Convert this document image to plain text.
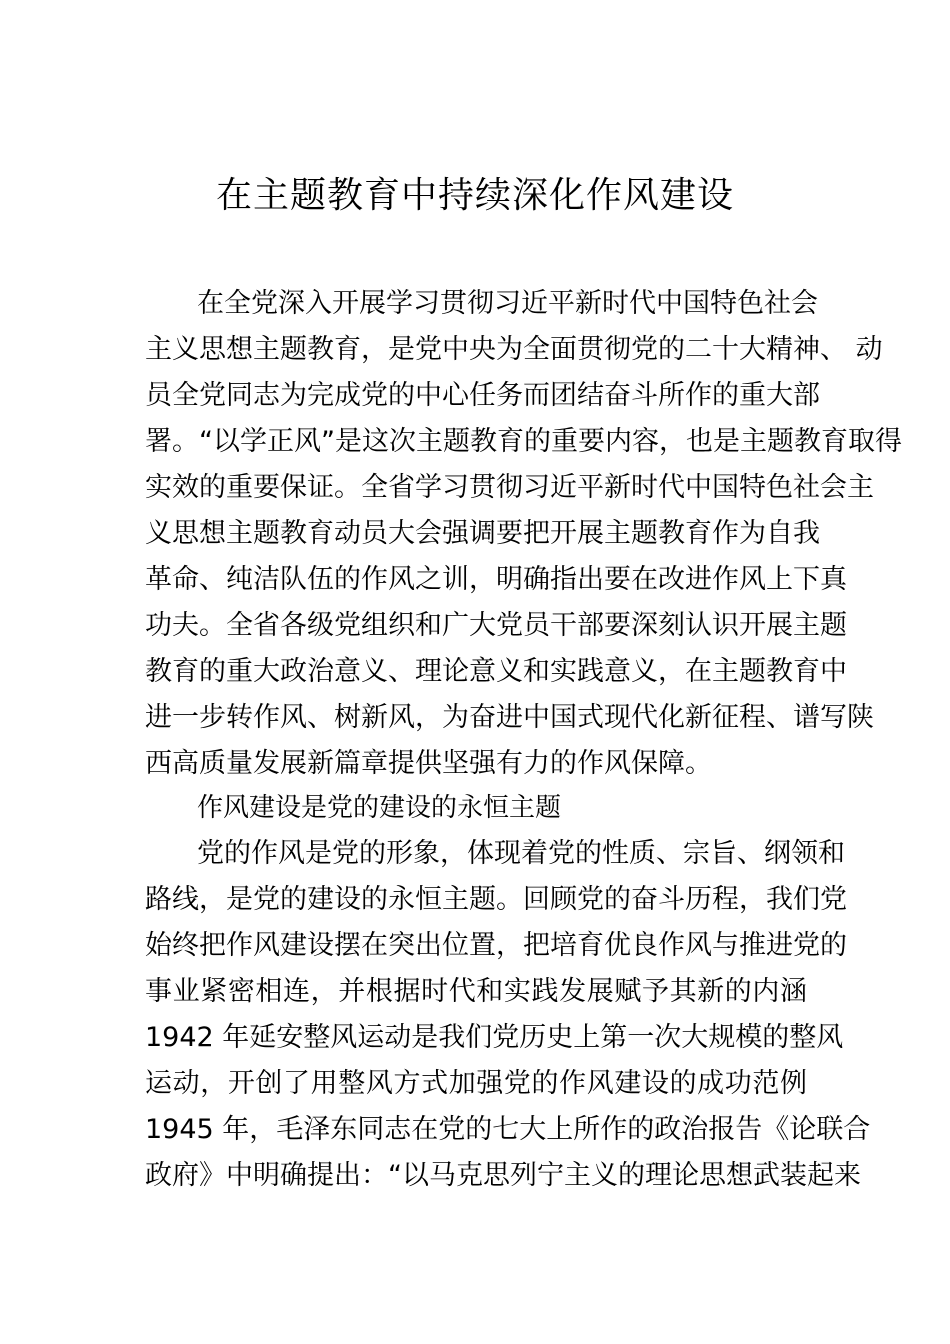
在主题教育中持续深化作风建设
在全党深入开展学习贯彻习近平新时代中国特色社会
主义思想主题教育，是党中央为全面贯彻党的二十大精神、 动
员全党同志为完成党的中心任务而团结奋斗所作的重大部
署。“以学正风”是这次主题教育的重要内容，也是主题教育取得
实效的重要保证。全省学习贯彻习近平新时代中国特色社会主
义思想主题教育动员大会强调要把开展主题教育作为自我
革命、纯洁队伍的作风之训，明确指出要在改进作风上下真
功夫。全省各级党组织和广大党员干部要深刻认识开展主题
教育的重大政治意义、理论意义和实践意义，在主题教育中
进一步转作风、树新风，为奋进中国式现代化新征程、谱写陕
西高质量发展新篇章提供坚强有力的作风保障。
作风建设是党的建设的永恒主题
党的作风是党的形象，体现着党的性质、宗旨、纲领和
路线，是党的建设的永恒主题。回顾党的奋斗历程，我们党
始终把作风建设摆在突出位置，把培育优良作风与推进党的
事业紧密相连，并根据时代和实践发展赋予其新的内涵
1942 年延安整风运动是我们党历史上第一次大规模的整风
运动，开创了用整风方式加强党的作风建设的成功范例
1945 年，毛泽东同志在党的七大上所作的政治报告《论联合
政府》中明确提出：“以马克思列宁主义的理论思想武装起来
